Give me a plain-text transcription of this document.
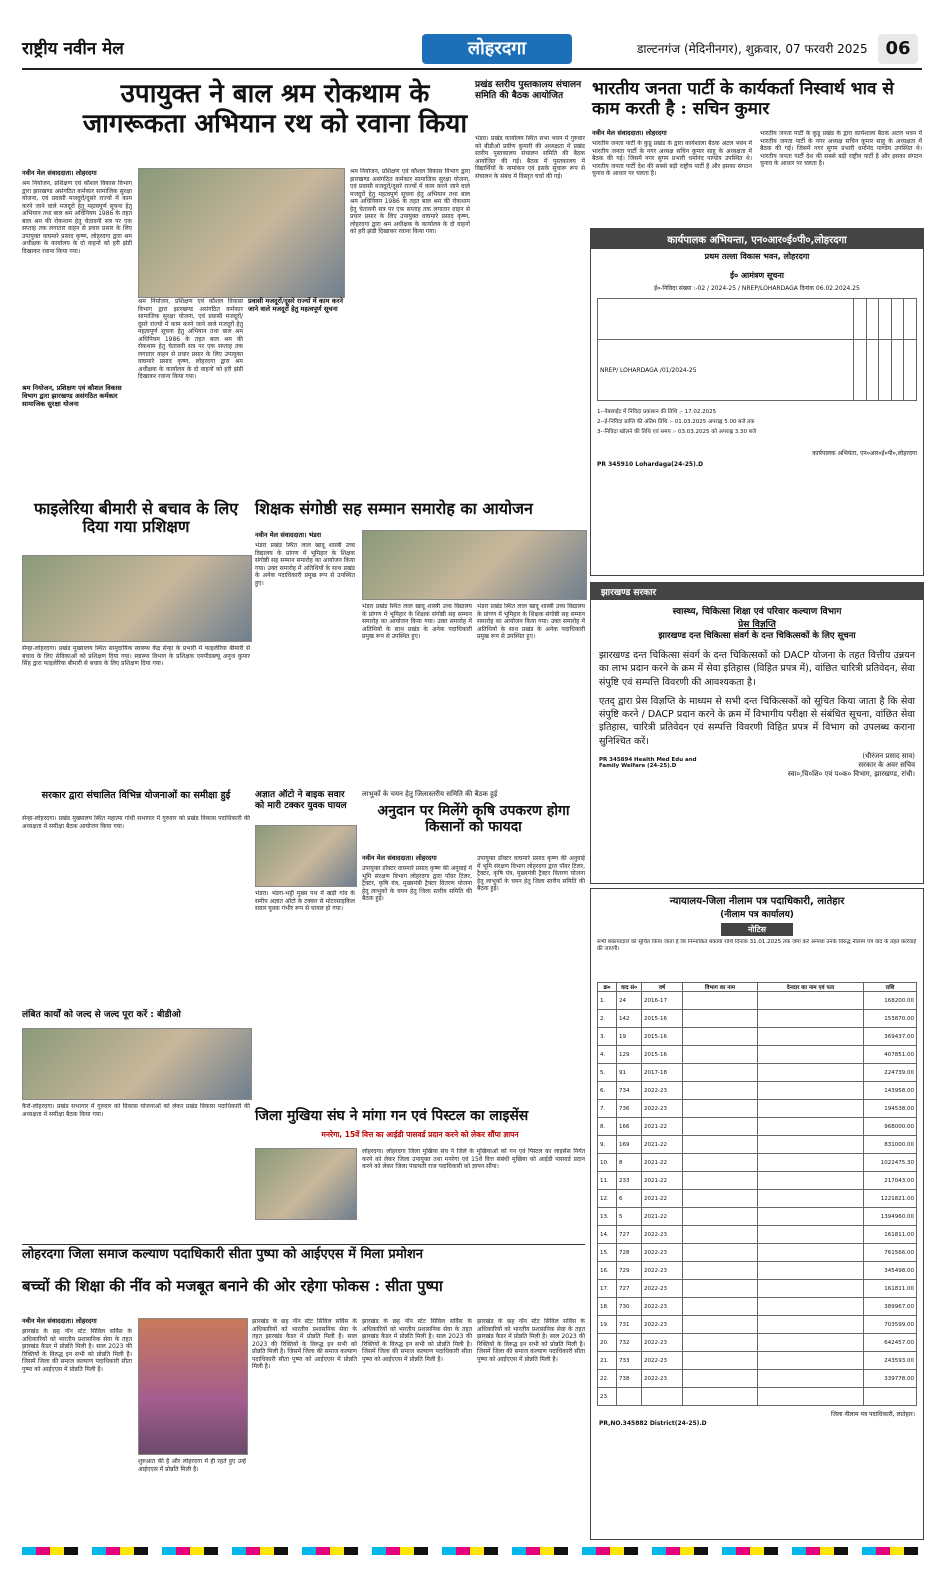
राष्ट्रीय नवीन मेल	लोहरदगा	डाल्टनगंज (मेदिनीनगर), शुक्रवार, 07 फरवरी 2025 06
उपायुक्त ने बाल श्रम रोकथाम के जागरूकता अभियान रथ को रवाना किया
नवीन मेल संवाददाता। लोहरदगा
श्रम नियोजन, प्रशिक्षण एवं कौशल विकास विभाग द्वारा झारखण्ड असंगठित कर्मकार सामाजिक सुरक्षा योजना, एवं प्रवासी मजदूरों/दूसरे राज्यों में काम करने जाने वाले मजदूरों हेतु महत्वपूर्ण सूचना हेतु अभियान तथा बाल श्रम अधिनियम 1986 के तहत बाल श्रम की रोकथाम हेतु चेतावनी सत्र पर एक सप्ताह तक लगातार वाहन से प्रचार प्रसार के लिए उपायुक्त वाघमारे प्रसाद कृष्ण, लोहरदगा द्वारा श्रम अधीक्षक के कार्यालय के दो वाहनों को हरी झंडी दिखाकर रवाना किया गया।
श्रम नियोजन, प्रशिक्षण एवं कौशल विकास विभाग द्वारा झारखण्ड असंगठित कर्मकार सामाजिक सुरक्षा योजना
प्रवासी मजदूरों/दूसरे राज्यों में काम करने जाने वाले मजदूरों हेतु महत्वपूर्ण सूचना
श्रम नियोजन, प्रशिक्षण एवं कौशल विकास विभाग द्वारा झारखण्ड असंगठित कर्मकार सामाजिक सुरक्षा योजना, एवं प्रवासी मजदूरों/दूसरे राज्यों में काम करने जाने वाले मजदूरों हेतु महत्वपूर्ण सूचना हेतु अभियान तथा बाल श्रम अधिनियम 1986 के तहत बाल श्रम की रोकथाम हेतु चेतावनी सत्र पर एक सप्ताह तक लगातार वाहन से प्रचार प्रसार के लिए उपायुक्त वाघमारे प्रसाद कृष्ण, लोहरदगा द्वारा श्रम अधीक्षक के कार्यालय के दो वाहनों को हरी झंडी दिखाकर रवाना किया गया।
श्रम नियोजन, प्रशिक्षण एवं कौशल विकास विभाग द्वारा झारखण्ड असंगठित कर्मकार सामाजिक सुरक्षा योजना, एवं प्रवासी मजदूरों/दूसरे राज्यों में काम करने जाने वाले मजदूरों हेतु महत्वपूर्ण सूचना हेतु अभियान तथा बाल श्रम अधिनियम 1986 के तहत बाल श्रम की रोकथाम हेतु चेतावनी सत्र पर एक सप्ताह तक लगातार वाहन से प्रचार प्रसार के लिए उपायुक्त वाघमारे प्रसाद कृष्ण, लोहरदगा द्वारा श्रम अधीक्षक के कार्यालय के दो वाहनों को हरी झंडी दिखाकर रवाना किया गया।
प्रखंड स्तरीय पुस्तकालय संचालन समिति की बैठक आयोजित
भंडरा। प्रखंड कार्यालय स्थित सभा भवन में गुरुवार को बीडीओ प्रवीण कुमारी की अध्यक्षता में प्रखंड स्तरीय पुस्तकालय संचालन समिति की बैठक आयोजित की गई। बैठक में पुस्तकालय में विद्यार्थियों के नामांकन एवं इसके सुचारू रूप से संचालन के संबंध में विस्तृत चर्चा की गई।
भारतीय जनता पार्टी के कार्यकर्ता निस्वार्थ भाव से काम करती है : सचिन कुमार
नवीन मेल संवाददाता। लोहरदगा
भारतीय जनता पार्टी के कुडू प्रखंड के द्वारा कार्यशाला बैठक अटल भवन में भारतीय जनता पार्टी के नगर अध्यक्ष सचिन कुमार साहु के अध्यक्षता में बैठक की गई। जिसमें नगर सुगम प्रभारी धर्मानंद पाण्डेय उपस्थित थे। भारतीय जनता पार्टी देश की सबसे बड़ी राष्ट्रीय पार्टी है और इसका संगठन चुनाव के आधार पर चलता है।
भारतीय जनता पार्टी के कुडू प्रखंड के द्वारा कार्यशाला बैठक अटल भवन में भारतीय जनता पार्टी के नगर अध्यक्ष सचिन कुमार साहु के अध्यक्षता में बैठक की गई। जिसमें नगर सुगम प्रभारी धर्मानंद पाण्डेय उपस्थित थे। भारतीय जनता पार्टी देश की सबसे बड़ी राष्ट्रीय पार्टी है और इसका संगठन चुनाव के आधार पर चलता है।
कार्यपालक अभियन्ता, एन०आर०ई०पी०,लोहरदगा
प्रथम तल्ला विकास भवन, लोहरदगा
ई० आमंत्रण सूचना
ई०-निविदा संख्या :-02 / 2024-25 / NREP/LOHARDAGA दिनांक 06.02.2024.25

NREP/ LOHARDAGA /01/2024-25					
1--वेबसाईट में निविदा प्रकाशन की तिथि :- 17.02.2025
2--ई-निविदा प्राप्ति की अंतिम तिथि :- 01.03.2025 अपराह्न 5.00 बजे तक
3--निविदा खोलने की तिथि एवं समय :- 03.03.2025 को अपराह्न 3.30 बजे
कार्यपालक अभियंता, एन०आर०ई०पी०,लोहरदगा
PR 345910 Lohardaga(24-25).D
फाइलेरिया बीमारी से बचाव के लिए दिया गया प्रशिक्षण
सेन्हा-लोहरदगा। प्रखंड मुख्यालय स्थित सामुदायिक स्वास्थ्य केंद्र सेन्हा के प्रभारी में फाइलेरिया बीमारी से बचाव के लिए सेविकाओं को प्रशिक्षण दिया गया। स्वास्थ्य विभाग के प्रशिक्षक एमपीडब्ल्यू अनुज कुमार सिंह द्वारा फाइलेरिया बीमारी से बचाव के लिए प्रशिक्षण दिया गया।
शिक्षक संगोष्ठी सह सम्मान समारोह का आयोजन
नवीन मेल संवाददाता। भंडरा
भंडरा प्रखंड स्थित लाल खादू शास्त्री उच्च विद्यालय के प्रांगण में भूमिहार के शिक्षक संगोष्ठी सह सम्मान समारोह का आयोजन किया गया। उक्त समारोह में अतिथियों के साथ प्रखंड के अनेक पदाधिकारी प्रमुख रूप से उपस्थित हुए।
भंडरा प्रखंड स्थित लाल खादू शास्त्री उच्च विद्यालय के प्रांगण में भूमिहार के शिक्षक संगोष्ठी सह सम्मान समारोह का आयोजन किया गया। उक्त समारोह में अतिथियों के साथ प्रखंड के अनेक पदाधिकारी प्रमुख रूप से उपस्थित हुए।
भंडरा प्रखंड स्थित लाल खादू शास्त्री उच्च विद्यालय के प्रांगण में भूमिहार के शिक्षक संगोष्ठी सह सम्मान समारोह का आयोजन किया गया। उक्त समारोह में अतिथियों के साथ प्रखंड के अनेक पदाधिकारी प्रमुख रूप से उपस्थित हुए।
झारखण्ड सरकार
स्वास्थ्य, चिकित्सा शिक्षा एवं परिवार कल्याण विभाग
प्रेस विज्ञप्ति
झारखण्ड दन्त चिकित्सा संवर्ग के दन्त चिकित्सकों के लिए सूचना
झारखण्ड दन्त चिकित्सा संवर्ग के दन्त चिकित्सकों को DACP योजना के तहत वित्तीय उन्नयन का लाभ प्रदान करने के क्रम में सेवा इतिहास (विहित प्रपत्र में), वांछित चारित्री प्रतिवेदन, सेवा संपुष्टि एवं सम्पत्ति विवरणी की आवश्यकता है।
एतद् द्वारा प्रेस विज्ञप्ति के माध्यम से सभी दन्त चिकित्सकों को सूचित किया जाता है कि सेवा संपुष्टि करने / DACP प्रदान करने के क्रम में विभागीय परीक्षा से संबंधित सूचना, वांछित सेवा इतिहास, चारित्री प्रतिवेदन एवं सम्पत्ति विवरणी विहित प्रपत्र में विभाग को उपलब्ध कराना सुनिश्चित करें।
(धीरंजन प्रसाद साव)
सरकार के अवर सचिव
स्वा०,चि०शि० एवं प०क० विभाग, झारखण्ड, रांची।
PR 345894 Health Med Edu and Family Welfare (24-25).D
सरकार द्वारा संचालित विभिन्न योजनाओं का समीक्षा हुई
सेन्हा-लोहरदगा। प्रखंड मुख्यालय स्थित महात्मा गांधी सभागार में गुरुवार को प्रखंड विकास पदाधिकारी की अध्यक्षता में समीक्षा बैठक आयोजन किया गया।
लंबित कार्यों को जल्द से जल्द पूरा करें : बीडीओ
कैरो-लोहरदगा। प्रखंड सभागार में गुरुवार को विकास योजनाओं को लेकर प्रखंड विकास पदाधिकारी की अध्यक्षता में समीक्षा बैठक किया गया।
अज्ञात ऑटो ने बाइक सवार को मारी टक्कर युवक घायल
भंडरा। भंडरा-भट्ठी मुख्य पथ में खड़ी गांव के समीप अज्ञात ऑटो के टक्कर से मोटरसाइकिल सवार युवक गंभीर रूप से घायल हो गया।
लाभुकों के चयन हेतु जिलास्तरीय समिति की बैठक हुई
अनुदान पर मिलेंगे कृषि उपकरण होगा किसानों को फायदा
नवीन मेल संवाददाता। लोहरदगा
उपायुक्त डॉक्टर वाघमारे प्रसाद कृष्ण की अनुवाई में भूमि संरक्षण विभाग लोहरदगा द्वारा पॉवर टिलर, ट्रैक्टर, कृषि यंत्र, मुख्यमंत्री ट्रैक्टर वितरण योजना हेतु लाभुकों के चयन हेतु जिला स्तरीय समिति की बैठक हुई।
उपायुक्त डॉक्टर वाघमारे प्रसाद कृष्ण की अनुवाई में भूमि संरक्षण विभाग लोहरदगा द्वारा पॉवर टिलर, ट्रैक्टर, कृषि यंत्र, मुख्यमंत्री ट्रैक्टर वितरण योजना हेतु लाभुकों के चयन हेतु जिला स्तरीय समिति की बैठक हुई।
जिला मुखिया संघ ने मांगा गन एवं पिस्टल का लाइसेंस
मनरेगा, 15वें वित्त का आईडी पासवर्ड प्रदान करने को लेकर सौंपा ज्ञापन
लोहरदगा। लोहरदगा जिला मुखिया संघ ने जिले के मुखियाओं को गन एवं पिस्टल का लाइसेंस निर्गत करने को लेकर जिला उपायुक्त तथा मनरेगा एवं 15वें वित्त संबंधी मुखिया को आईडी पासवर्ड प्रदान करने को लेकर जिला पंचायती राज पदाधिकारी को ज्ञापन सौंपा।
लोहरदगा जिला समाज कल्याण पदाधिकारी सीता पुष्पा को आईएएस में मिला प्रमोशन
बच्चों की शिक्षा की नींव को मजबूत बनाने की ओर रहेगा फोकस : सीता पुष्पा
नवीन मेल संवाददाता। लोहरदगा
झारखंड के छह नॉन स्टेट सिविल सर्विस के अधिकारियों को भारतीय प्रशासनिक सेवा के तहत झारखंड कैडर में प्रोन्नति मिली है। साल 2023 की रिक्तियों के विरुद्ध इन सभी को प्रोन्नति मिली है। जिसमें जिला की समाज कल्याण पदाधिकारी सीता पुष्पा को आईएएस में प्रोन्नति मिली है।
शुरुआत की है और लोहरदगा में ही रहते हुए उन्हें आईएएस में प्रोन्नति मिली है।
झारखंड के छह नॉन स्टेट सिविल सर्विस के अधिकारियों को भारतीय प्रशासनिक सेवा के तहत झारखंड कैडर में प्रोन्नति मिली है। साल 2023 की रिक्तियों के विरुद्ध इन सभी को प्रोन्नति मिली है। जिसमें जिला की समाज कल्याण पदाधिकारी सीता पुष्पा को आईएएस में प्रोन्नति मिली है।
झारखंड के छह नॉन स्टेट सिविल सर्विस के अधिकारियों को भारतीय प्रशासनिक सेवा के तहत झारखंड कैडर में प्रोन्नति मिली है। साल 2023 की रिक्तियों के विरुद्ध इन सभी को प्रोन्नति मिली है। जिसमें जिला की समाज कल्याण पदाधिकारी सीता पुष्पा को आईएएस में प्रोन्नति मिली है।
झारखंड के छह नॉन स्टेट सिविल सर्विस के अधिकारियों को भारतीय प्रशासनिक सेवा के तहत झारखंड कैडर में प्रोन्नति मिली है। साल 2023 की रिक्तियों के विरुद्ध इन सभी को प्रोन्नति मिली है। जिसमें जिला की समाज कल्याण पदाधिकारी सीता पुष्पा को आईएएस में प्रोन्नति मिली है।
न्यायालय-जिला नीलाम पत्र पदाधिकारी, लातेहार
(नीलाम पत्र कार्यालय)
नोटिस
सभी बकायादारों को सूचित किया जाता है कि निम्नांकित बकाया राशि दिनांक 31.01.2025 तक जमा करें अन्यथा उनके विरुद्ध नीलाम पत्र वाद के तहत कार्रवाई की जाएगी।
क्र०	वाद सं०	वर्ष	विभाग का नाम	देनदार का नाम एवं पता	राशि
1.	24	2016-17			168200.00
2.	142	2015-16			153870.00
3.	19	2015-16			369437.00
4.	129	2015-16			407851.00
5.	91	2017-18			224739.00
6.	734	2022-23			143958.00
7.	736	2022-23			194538.00
8.	166	2021-22			968000.00
9.	169	2021-22			831000.00
10.	8	2021-22			1022475.30
11.	233	2021-22			217043.00
12.	6	2021-22			1221821.00
13.	5	2021-22			1394960.00
14.	727	2022-23			161811.00
15.	728	2022-23			761566.00
16.	729	2022-23			345498.00
17.	727	2022-23			161811.00
18.	730	2022-23			389967.00
19.	731	2022-23			703599.00
20.	732	2022-23			642457.00
21.	733	2022-23			243593.00
22.	738	2022-23			339778.00
23.					
जिला नीलाम पत्र पदाधिकारी, लातेहार।
PR,NO.345882 District(24-25).D
